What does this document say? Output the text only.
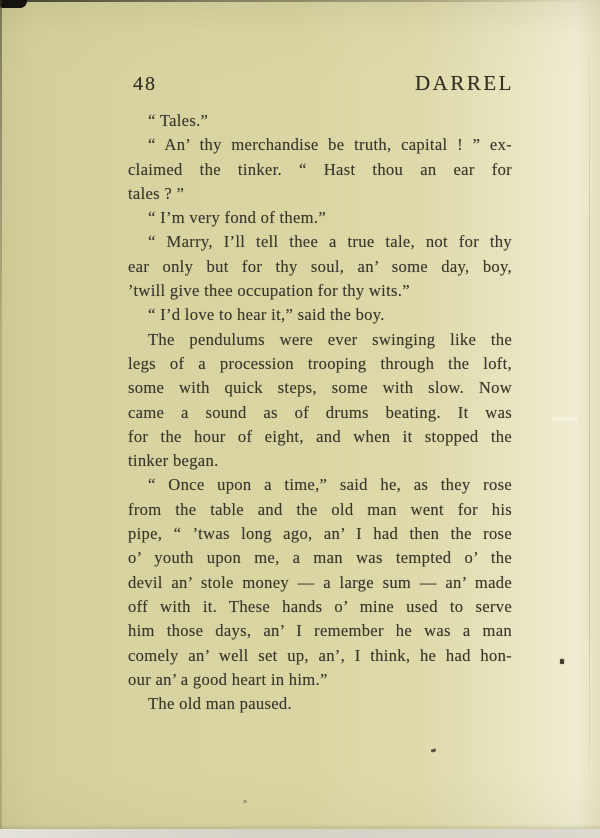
48	DARREL
“ Tales.”
“ An’ thy merchandise be truth, capital ! ” ex-
claimed the tinker. “ Hast thou an ear for
tales ? ”
“ I’m very fond of them.”
“ Marry, I’ll tell thee a true tale, not for thy
ear only but for thy soul, an’ some day, boy,
’twill give thee occupation for thy wits.”
“ I’d love to hear it,” said the boy.
The pendulums were ever swinging like the
legs of a procession trooping through the loft,
some with quick steps, some with slow. Now
came a sound as of drums beating. It was
for the hour of eight, and when it stopped the
tinker began.
“ Once upon a time,” said he, as they rose
from the table and the old man went for his
pipe, “ ’twas long ago, an’ I had then the rose
o’ youth upon me, a man was tempted o’ the
devil an’ stole money — a large sum — an’ made
off with it. These hands o’ mine used to serve
him those days, an’ I remember he was a man
comely an’ well set up, an’, I think, he had hon-
our an’ a good heart in him.”
The old man paused.
